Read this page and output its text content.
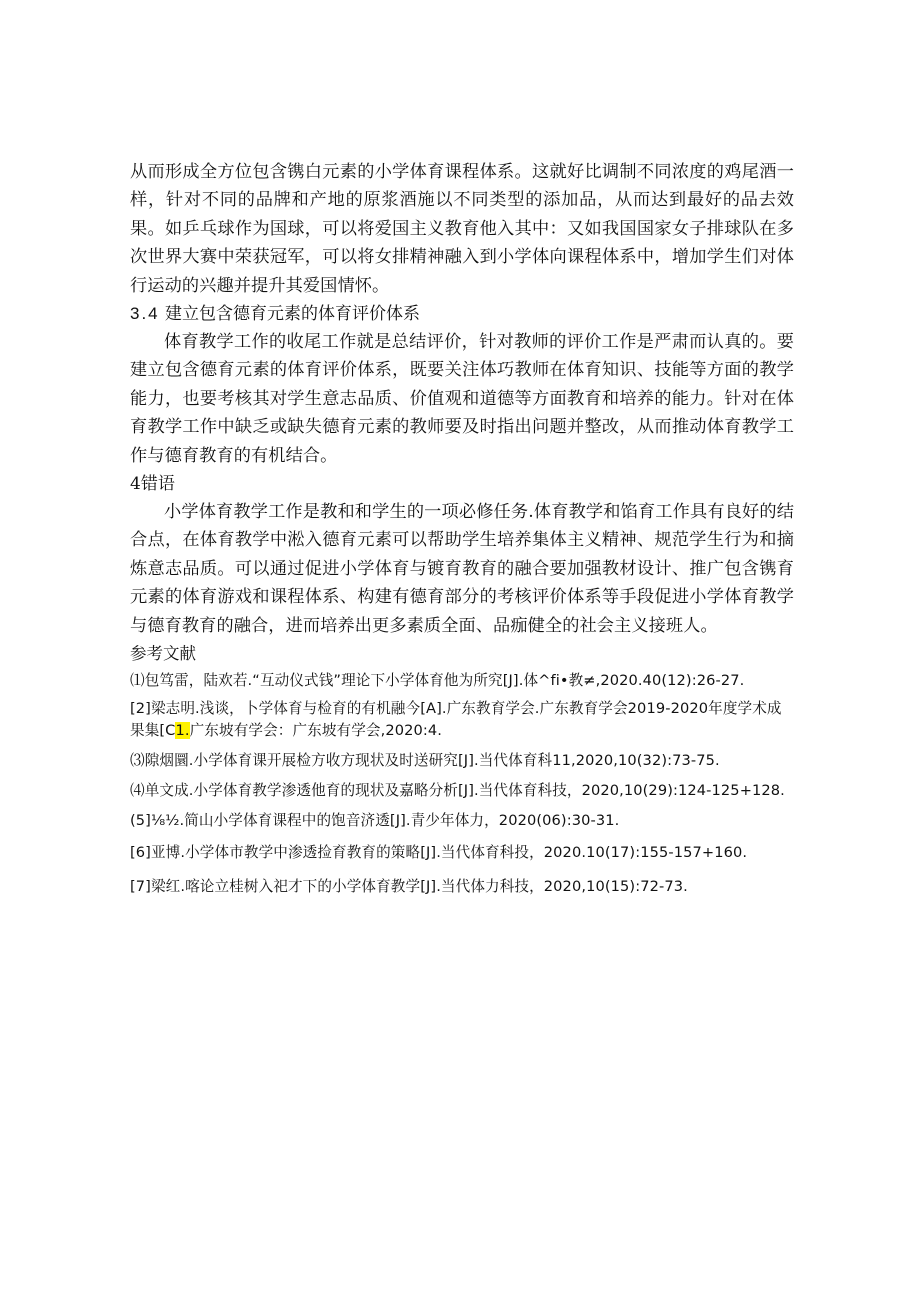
从而形成全方位包含镌白元素的小学体育课程体系。这就好比调制不同浓度的鸡尾酒一样，针对不同的品牌和产地的原浆酒施以不同类型的添加品，从而达到最好的品去效果。如乒乓球作为国球，可以将爱国主义教育他入其中：又如我国国家女子排球队在多次世界大赛中荣获冠军，可以将女排精神融入到小学体向课程体系中，增加学生们对体行运动的兴趣并提升其爱国情怀。

3.4 建立包含德育元素的体育评价体系

体育教学工作的收尾工作就是总结评价，针对教师的评价工作是严肃而认真的。要建立包含德育元素的体育评价体系，既要关注体巧教师在体育知识、技能等方面的教学能力，也要考核其对学生意志品质、价值观和道德等方面教育和培养的能力。针对在体育教学工作中缺乏或缺失德育元素的教师要及时指出问题并整改，从而推动体育教学工作与德育教育的有机结合。

4错语

小学体育教学工作是教和和学生的一项必修任务.体育教学和馅育工作具有良好的结合点，在体育教学中淞入德育元素可以帮助学生培养集体主义精神、规范学生行为和摘炼意志品质。可以通过促进小学体育与镀育教育的融合要加强教材设计、推广包含镌育元素的体育游戏和课程体系、构建有德育部分的考核评价体系等手段促进小学体育教学与德育教育的融合，进而培养出更多素质全面、品痂健全的社会主义接班人。

参考文献

⑴包笃雷，陆欢若.“互动仪式钱”理论下小学体育他为所究[J].体^fi•教≠,2020.40(12):26-27.

[2]梁志明.浅谈，卜学体育与检育的有机融今[A].广东教育学会.广东教育学会2019-2020年度学术成果集[C1.广东坡有学会：广东坡有学会,2020:4.

⑶隙烟圜.小学体育课开展检方收方现状及时送研究[J].当代体育科11,2020,10(32):73-75.

⑷单文成.小学体育教学渗透他育的现状及嘉略分析[J].当代体育科技，2020,10(29):124-125+128.

(5]⅛½.简山小学体育课程中的饱音济透[J].青少年体力，2020(06):30-31.

[6]亚博.小学体市教学中渗透捡育教育的策略[J].当代体育科投，2020.10(17):155-157+160.

[7]梁红.喀论立桂树入祀才下的小学体育教学[J].当代体力科技，2020,10(15):72-73.
